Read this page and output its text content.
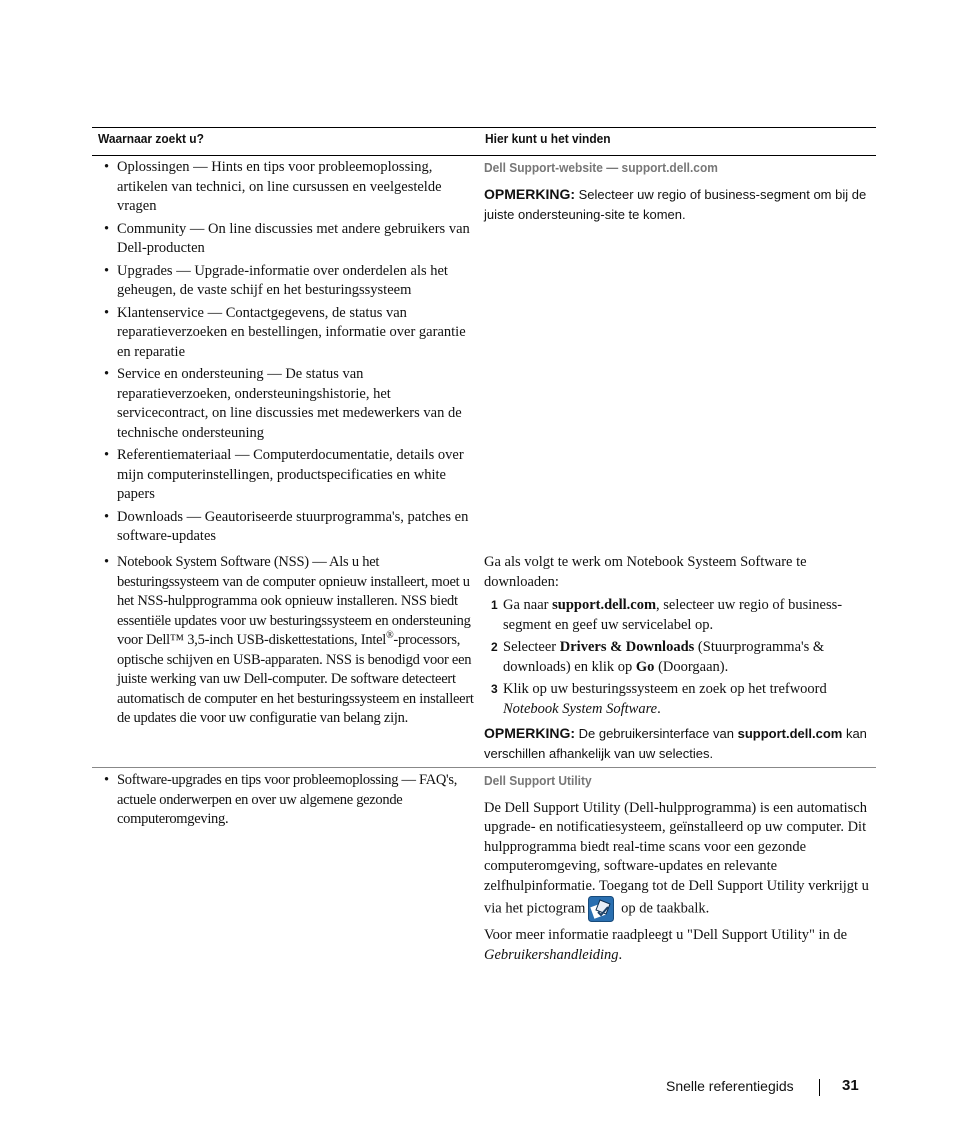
Waarnaar zoekt u?	Hier kunt u het vinden
• Oplossingen — Hints en tips voor probleemoplossing, artikelen van technici, on line cursussen en veelgestelde vragen
• Community — On line discussies met andere gebruikers van Dell-producten
• Upgrades — Upgrade-informatie over onderdelen als het geheugen, de vaste schijf en het besturingssysteem
• Klantenservice — Contactgegevens, de status van reparatieverzoeken en bestellingen, informatie over garantie en reparatie
• Service en ondersteuning — De status van reparatieverzoeken, ondersteuningshistorie, het servicecontract, on line discussies met medewerkers van de technische ondersteuning
• Referentiemateriaal — Computerdocumentatie, details over mijn computerinstellingen, productspecificaties en white papers
• Downloads — Geautoriseerde stuurprogramma's, patches en software-updates
• Notebook System Software (NSS) — Als u het besturingssysteem van de computer opnieuw installeert, moet u het NSS-hulpprogramma ook opnieuw installeren. NSS biedt essentiële updates voor uw besturingssysteem en ondersteuning voor Dell™ 3,5-inch USB-diskettestations, Intel®-processors, optische schijven en USB-apparaten. NSS is benodigd voor een juiste werking van uw Dell-computer. De software detecteert automatisch de computer en het besturingssysteem en installeert de updates die voor uw configuratie van belang zijn.
Dell Support-website — support.dell.com

OPMERKING: Selecteer uw regio of business-segment om bij de juiste ondersteuning-site te komen.

Ga als volgt te werk om Notebook Systeem Software te downloaden:

1 Ga naar support.dell.com, selecteer uw regio of business-segment en geef uw servicelabel op.
2 Selecteer Drivers & Downloads (Stuurprogramma's & downloads) en klik op Go (Doorgaan).
3 Klik op uw besturingssysteem en zoek op het trefwoord Notebook System Software.

OPMERKING: De gebruikersinterface van support.dell.com kan verschillen afhankelijk van uw selecties.

• Software-upgrades en tips voor probleemoplossing — FAQ's, actuele onderwerpen en over uw algemene gezonde computeromgeving.
Dell Support Utility

De Dell Support Utility (Dell-hulpprogramma) is een automatisch upgrade- en notificatiesysteem, geïnstalleerd op uw computer. Dit hulpprogramma biedt real-time scans voor een gezonde computeromgeving, software-updates en relevante zelfhulpinformatie. Toegang tot de Dell Support Utility verkrijgt u via het pictogram op de taakbalk.

Voor meer informatie raadpleegt u "Dell Support Utility" in de Gebruikershandleiding.

Snelle referentiegids	31
